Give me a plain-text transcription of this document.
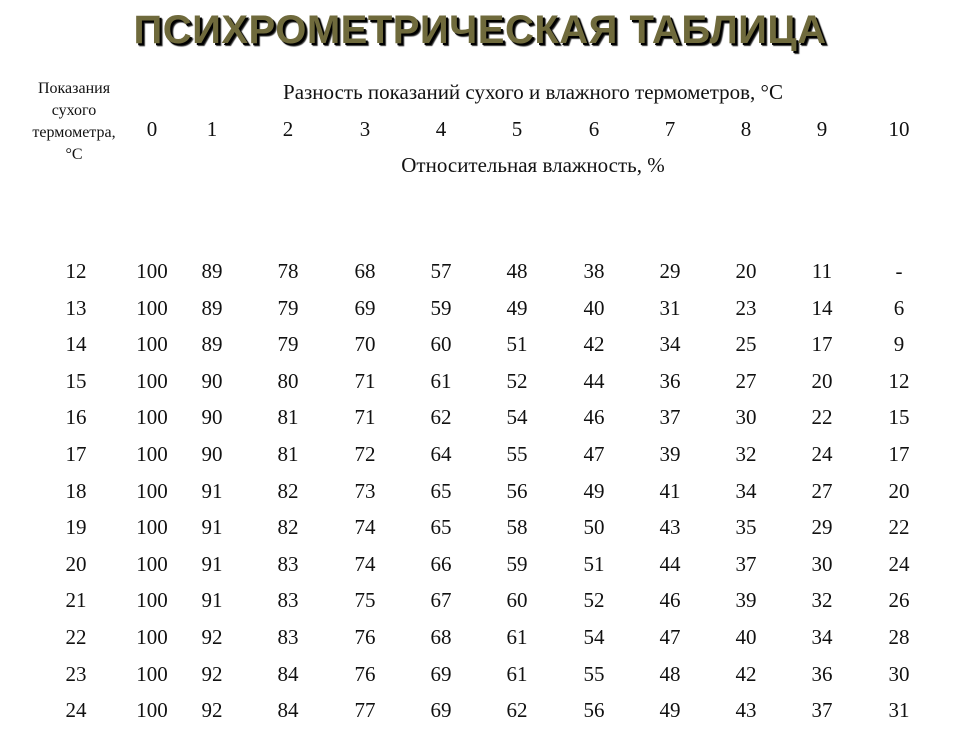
ПСИХРОМЕТРИЧЕСКАЯ ТАБЛИЦА
Показания
сухого
термометра,
°С
Разность показаний сухого и влажного термометров, °С
Относительная влажность, %
0	1	2	3	4	5	6	7	8	9	10
12	100	89	78	68	57	48	38	29	20	11	-
13	100	89	79	69	59	49	40	31	23	14	6
14	100	89	79	70	60	51	42	34	25	17	9
15	100	90	80	71	61	52	44	36	27	20	12
16	100	90	81	71	62	54	46	37	30	22	15
17	100	90	81	72	64	55	47	39	32	24	17
18	100	91	82	73	65	56	49	41	34	27	20
19	100	91	82	74	65	58	50	43	35	29	22
20	100	91	83	74	66	59	51	44	37	30	24
21	100	91	83	75	67	60	52	46	39	32	26
22	100	92	83	76	68	61	54	47	40	34	28
23	100	92	84	76	69	61	55	48	42	36	30
24	100	92	84	77	69	62	56	49	43	37	31
